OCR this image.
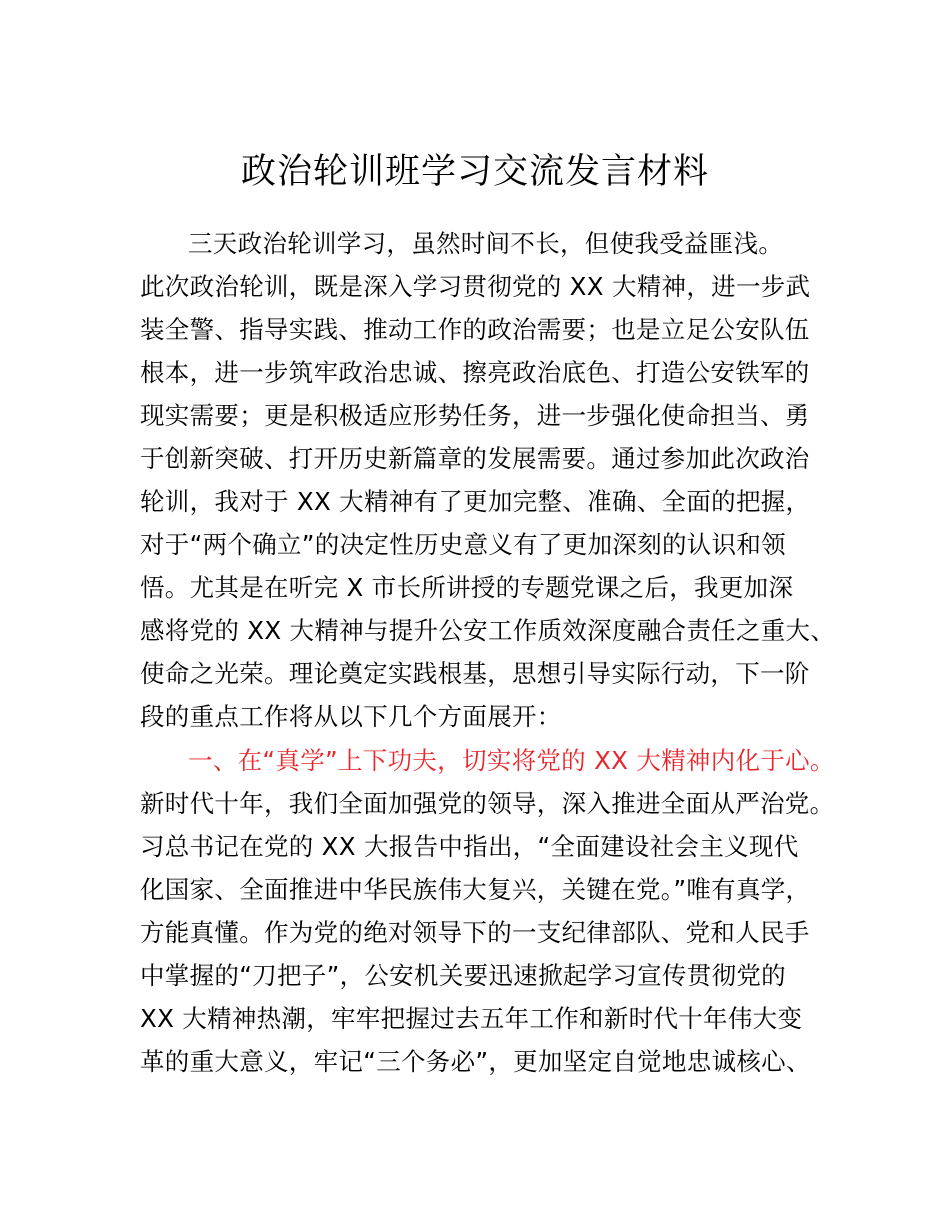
政治轮训班学习交流发言材料
三天政治轮训学习，虽然时间不长，但使我受益匪浅。
此次政治轮训，既是深入学习贯彻党的 XX 大精神，进一步武
装全警、指导实践、推动工作的政治需要；也是立足公安队伍
根本，进一步筑牢政治忠诚、擦亮政治底色、打造公安铁军的
现实需要；更是积极适应形势任务，进一步强化使命担当、勇
于创新突破、打开历史新篇章的发展需要。通过参加此次政治
轮训，我对于 XX 大精神有了更加完整、准确、全面的把握，
对于“两个确立”的决定性历史意义有了更加深刻的认识和领
悟。尤其是在听完 X 市长所讲授的专题党课之后，我更加深
感将党的 XX 大精神与提升公安工作质效深度融合责任之重大、
使命之光荣。理论奠定实践根基，思想引导实际行动，下一阶
段的重点工作将从以下几个方面展开：
一、在“真学”上下功夫，切实将党的 XX 大精神内化于心。
新时代十年，我们全面加强党的领导，深入推进全面从严治党。
习总书记在党的 XX 大报告中指出，“全面建设社会主义现代
化国家、全面推进中华民族伟大复兴，关键在党。”唯有真学，
方能真懂。作为党的绝对领导下的一支纪律部队、党和人民手
中掌握的“刀把子”，公安机关要迅速掀起学习宣传贯彻党的
XX 大精神热潮，牢牢把握过去五年工作和新时代十年伟大变
革的重大意义，牢记“三个务必”，更加坚定自觉地忠诚核心、
